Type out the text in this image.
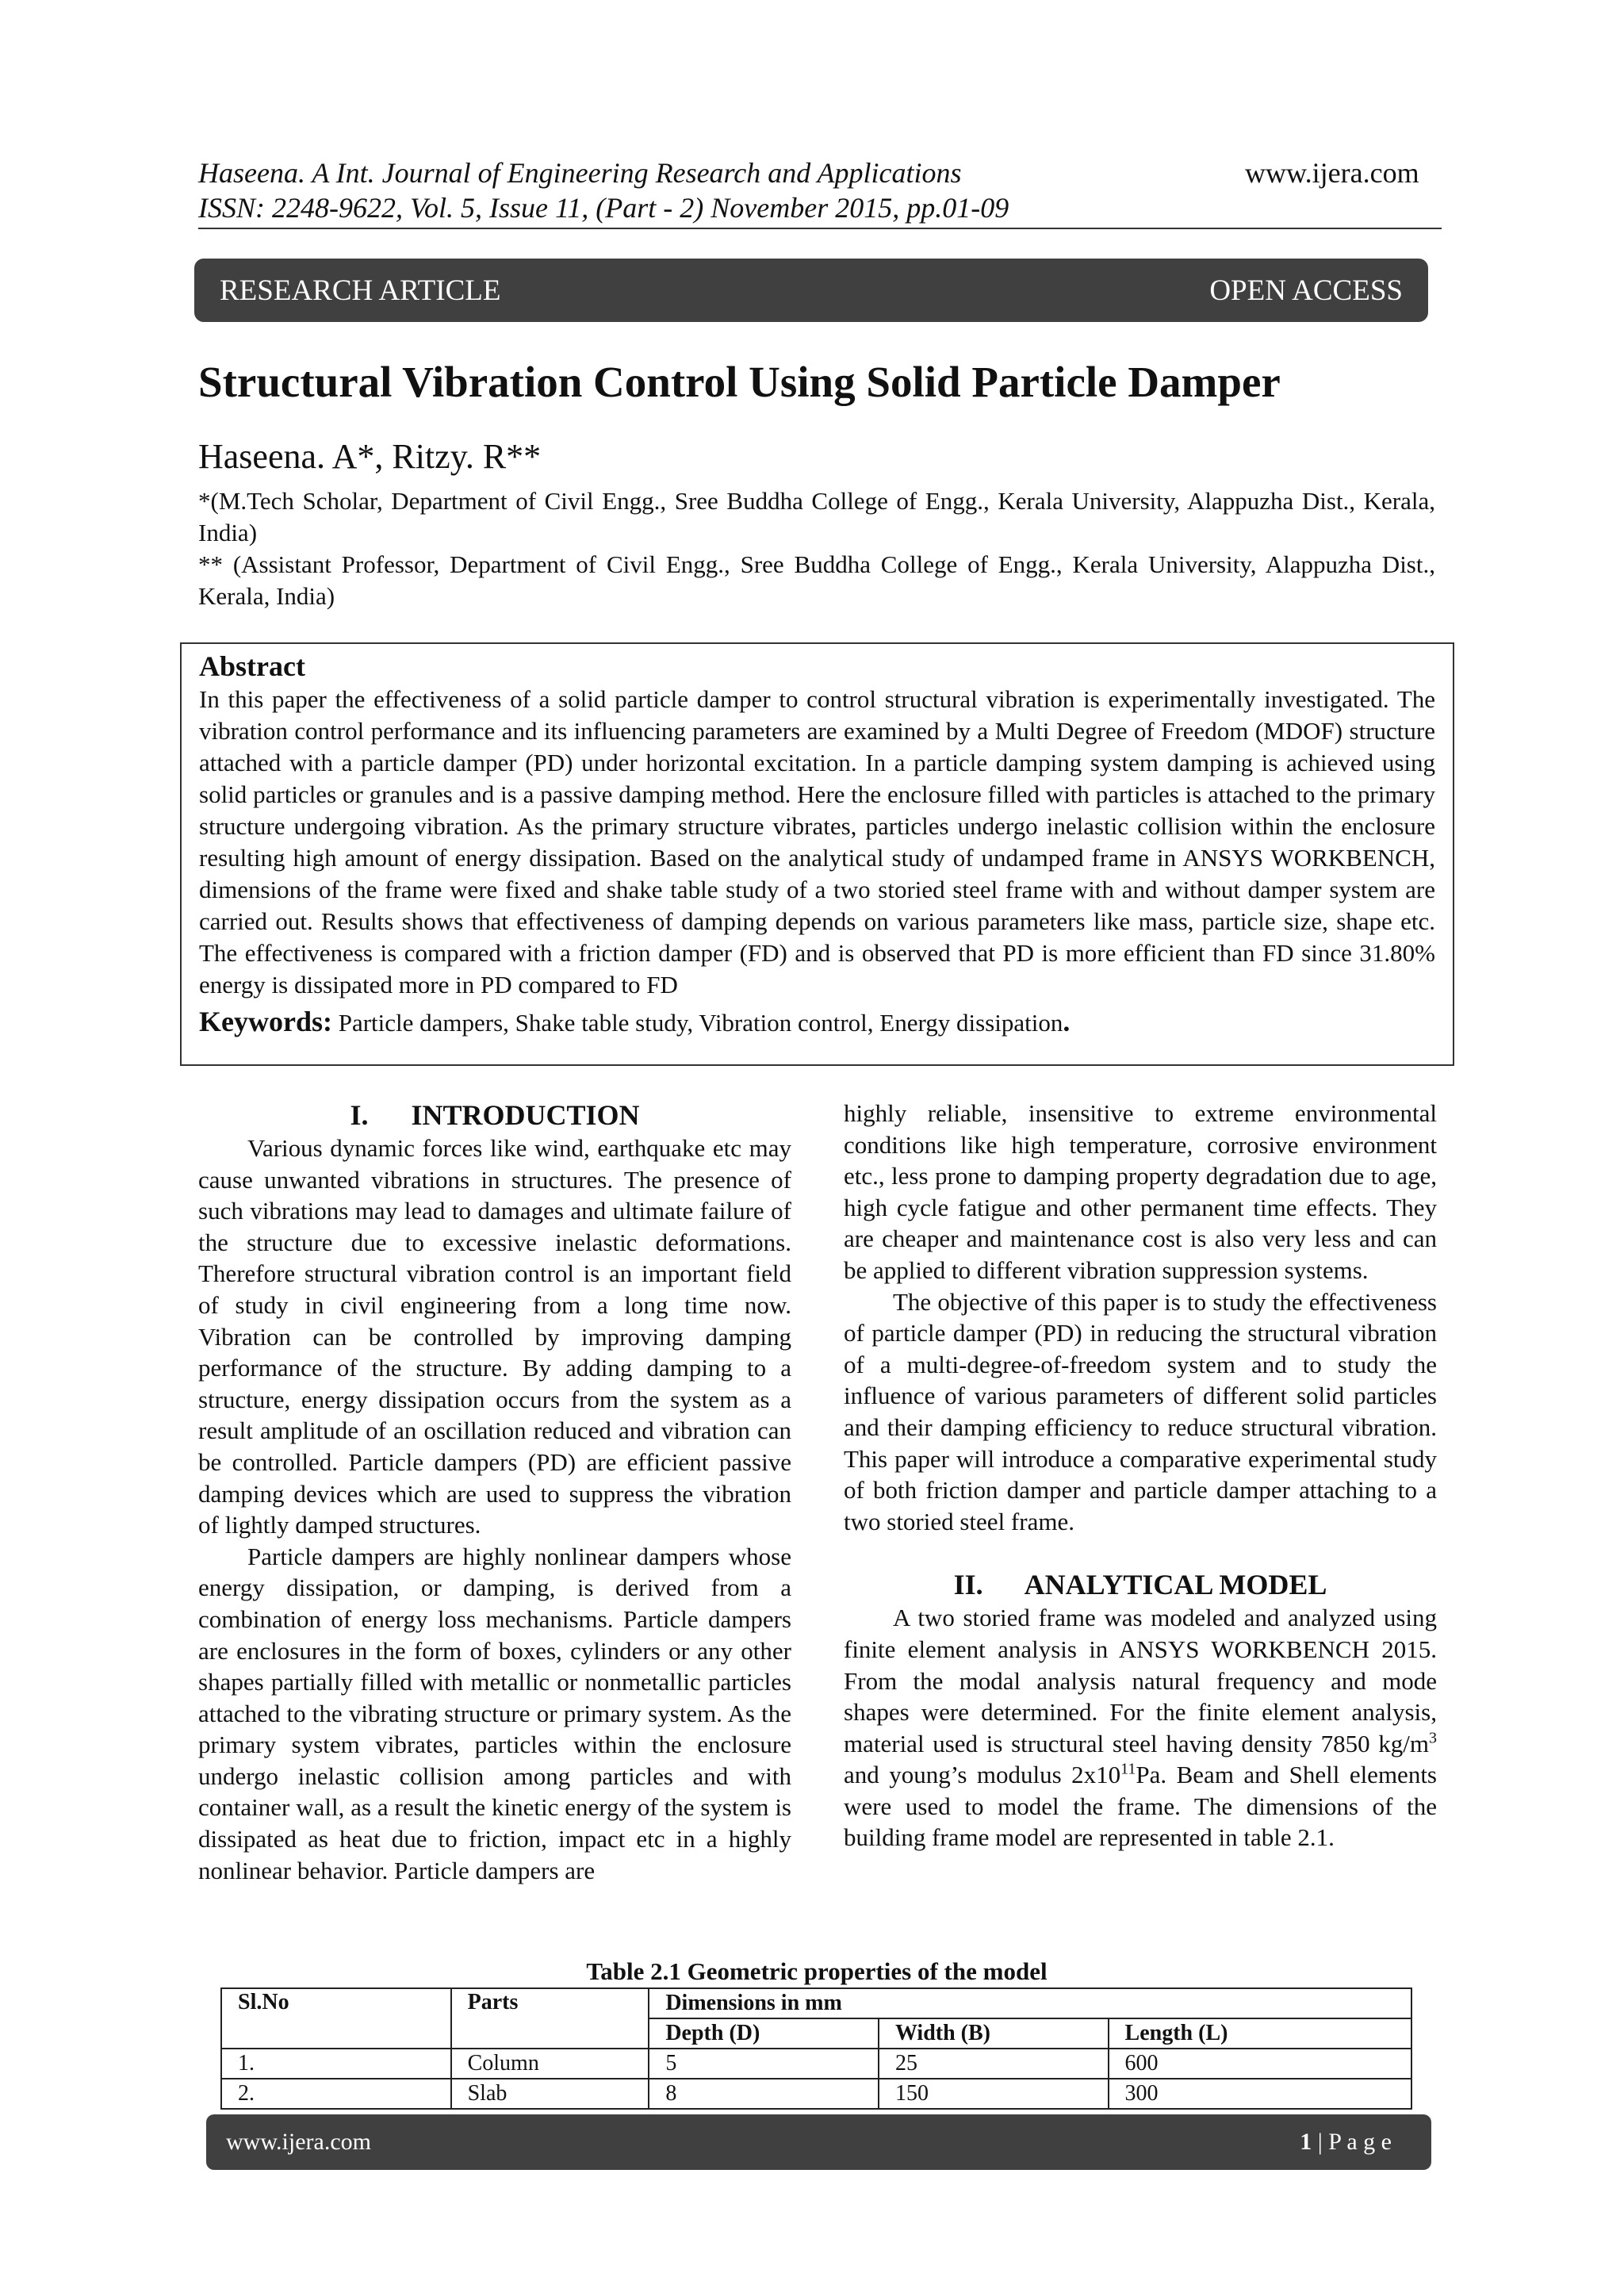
Haseena. A Int. Journal of Engineering Research and Applications	www.ijera.com
ISSN: 2248-9622, Vol. 5, Issue 11, (Part - 2) November 2015, pp.01-09
RESEARCH ARTICLE	OPEN ACCESS
Structural Vibration Control Using Solid Particle Damper
Haseena. A*, Ritzy. R**
*(M.Tech Scholar, Department of Civil Engg., Sree Buddha College of Engg., Kerala University, Alappuzha Dist., Kerala, India)
** (Assistant Professor, Department of Civil Engg., Sree Buddha College of Engg., Kerala University, Alappuzha Dist., Kerala, India)
Abstract

In this paper the effectiveness of a solid particle damper to control structural vibration is experimentally investigated. The vibration control performance and its influencing parameters are examined by a Multi Degree of Freedom (MDOF) structure attached with a particle damper (PD) under horizontal excitation. In a particle damping system damping is achieved using solid particles or granules and is a passive damping method. Here the enclosure filled with particles is attached to the primary structure undergoing vibration. As the primary structure vibrates, particles undergo inelastic collision within the enclosure resulting high amount of energy dissipation. Based on the analytical study of undamped frame in ANSYS WORKBENCH, dimensions of the frame were fixed and shake table study of a two storied steel frame with and without damper system are carried out. Results shows that effectiveness of damping depends on various parameters like mass, particle size, shape etc. The effectiveness is compared with a friction damper (FD) and is observed that PD is more efficient than FD since 31.80% energy is dissipated more in PD compared to FD

Keywords: Particle dampers, Shake table study, Vibration control, Energy dissipation.
I.      INTRODUCTION

Various dynamic forces like wind, earthquake etc may cause unwanted vibrations in structures. The presence of such vibrations may lead to damages and ultimate failure of the structure due to excessive inelastic deformations. Therefore structural vibration control is an important field of study in civil engineering from a long time now. Vibration can be controlled by improving damping performance of the structure. By adding damping to a structure, energy dissipation occurs from the system as a result amplitude of an oscillation reduced and vibration can be controlled. Particle dampers (PD) are efficient passive damping devices which are used to suppress the vibration of lightly damped structures.

Particle dampers are highly nonlinear dampers whose energy dissipation, or damping, is derived from a combination of energy loss mechanisms. Particle dampers are enclosures in the form of boxes, cylinders or any other shapes partially filled with metallic or nonmetallic particles attached to the vibrating structure or primary system. As the primary system vibrates, particles within the enclosure undergo inelastic collision among particles and with container wall, as a result the kinetic energy of the system is dissipated as heat due to friction, impact etc in a highly nonlinear behavior. Particle dampers are

highly reliable, insensitive to extreme environmental conditions like high temperature, corrosive environment etc., less prone to damping property degradation due to age, high cycle fatigue and other permanent time effects. They are cheaper and maintenance cost is also very less and can be applied to different vibration suppression systems.

The objective of this paper is to study the effectiveness of particle damper (PD) in reducing the structural vibration of a multi-degree-of-freedom system and to study the influence of various parameters of different solid particles and their damping efficiency to reduce structural vibration. This paper will introduce a comparative experimental study of both friction damper and particle damper attaching to a two storied steel frame.

II.      ANALYTICAL MODEL

A two storied frame was modeled and analyzed using finite element analysis in ANSYS WORKBENCH 2015. From the modal analysis natural frequency and mode shapes were determined. For the finite element analysis, material used is structural steel having density 7850 $kg/m^3$ and young’s modulus $2x10^{11}Pa$. Beam and Shell elements were used to model the frame. The dimensions of the building frame model are represented in table 2.1.

Table 2.1 Geometric properties of the model
Sl.No	Parts	Dimensions in mm		
		Depth (D)	Width (B)	Length (L)
1.	Column	5	25	600
2.	Slab	8	150	300
www.ijera.com	1 | P a g e
